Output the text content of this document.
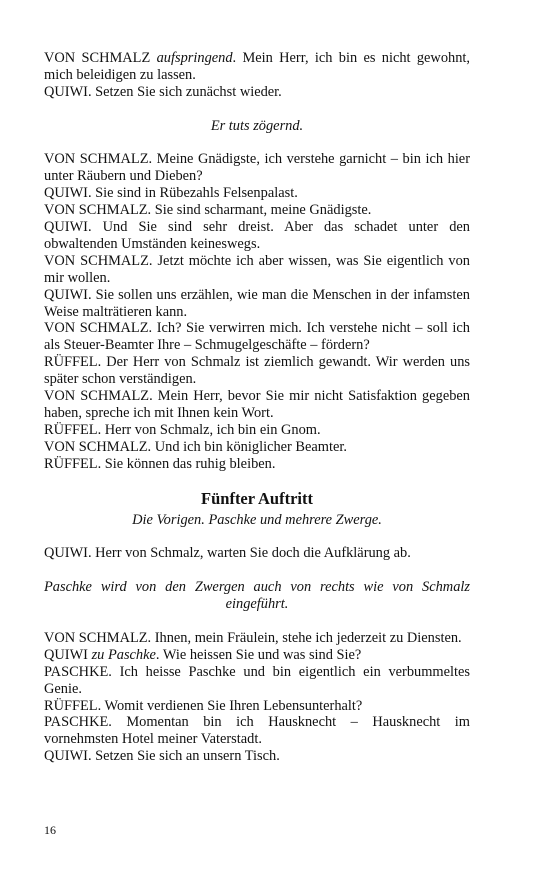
VON SCHMALZ aufspringend. Mein Herr, ich bin es nicht gewohnt, mich beleidigen zu lassen.

QUIWI. Setzen Sie sich zunächst wieder.

Er tuts zögernd.

VON SCHMALZ. Meine Gnädigste, ich verstehe garnicht – bin ich hier unter Räubern und Dieben?

QUIWI. Sie sind in Rübezahls Felsenpalast.

VON SCHMALZ. Sie sind scharmant, meine Gnädigste.

QUIWI. Und Sie sind sehr dreist. Aber das schadet unter den obwaltenden Umständen keineswegs.

VON SCHMALZ. Jetzt möchte ich aber wissen, was Sie eigentlich von mir wollen.

QUIWI. Sie sollen uns erzählen, wie man die Menschen in der infamsten Weise malträtieren kann.

VON SCHMALZ. Ich? Sie verwirren mich. Ich verstehe nicht – soll ich als Steuer-Beamter Ihre – Schmugelgeschäfte – fördern?

RÜFFEL. Der Herr von Schmalz ist ziemlich gewandt. Wir werden uns später schon verständigen.

VON SCHMALZ. Mein Herr, bevor Sie mir nicht Satisfaktion gegeben haben, spreche ich mit Ihnen kein Wort.

RÜFFEL. Herr von Schmalz, ich bin ein Gnom.

VON SCHMALZ. Und ich bin königlicher Beamter.

RÜFFEL. Sie können das ruhig bleiben.

Fünfter Auftritt

Die Vorigen. Paschke und mehrere Zwerge.

QUIWI. Herr von Schmalz, warten Sie doch die Aufklärung ab.

Paschke wird von den Zwergen auch von rechts wie von Schmalz eingeführt.

VON SCHMALZ. Ihnen, mein Fräulein, stehe ich jederzeit zu Diensten.

QUIWI zu Paschke. Wie heissen Sie und was sind Sie?

PASCHKE. Ich heisse Paschke und bin eigentlich ein verbummeltes Genie.

RÜFFEL. Womit verdienen Sie Ihren Lebensunterhalt?

PASCHKE. Momentan bin ich Hausknecht – Hausknecht im vornehmsten Hotel meiner Vaterstadt.

QUIWI. Setzen Sie sich an unsern Tisch.

16
